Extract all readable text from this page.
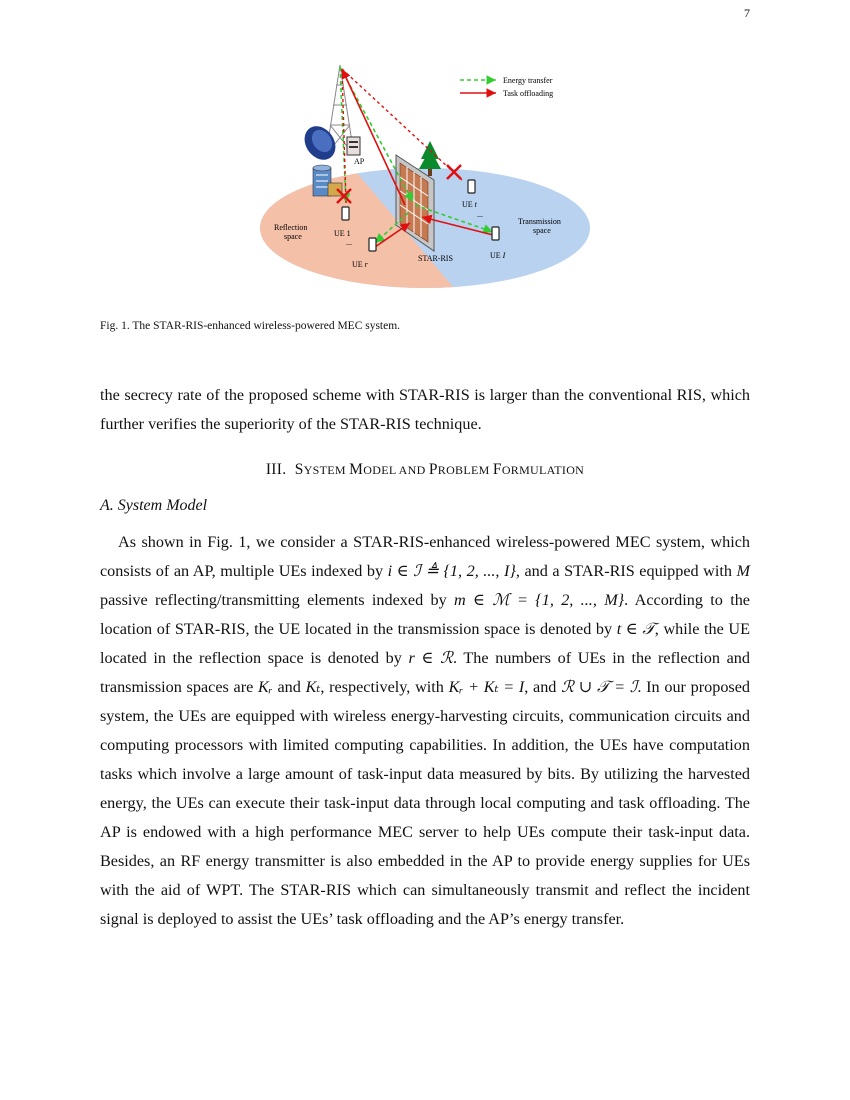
7
AP
Reflection
space
Transmission
space
UE 1
...
UE r
UE t
...
UE I
STAR-RIS
Energy transfer
Task offloading
Fig. 1. The STAR-RIS-enhanced wireless-powered MEC system.
the secrecy rate of the proposed scheme with STAR-RIS is larger than the conventional RIS, which further verifies the superiority of the STAR-RIS technique.
III. SYSTEM MODEL AND PROBLEM FORMULATION
A. System Model
As shown in Fig. 1, we consider a STAR-RIS-enhanced wireless-powered MEC system, which consists of an AP, multiple UEs indexed by i ∈ ℐ ≜ {1, 2, ..., I}, and a STAR-RIS equipped with M passive reflecting/transmitting elements indexed by m ∈ ℳ = {1, 2, ..., M}. According to the location of STAR-RIS, the UE located in the transmission space is denoted by t ∈ 𝒯, while the UE located in the reflection space is denoted by r ∈ ℛ. The numbers of UEs in the reflection and transmission spaces are Kᵣ and Kₜ, respectively, with Kᵣ + Kₜ = I, and ℛ ∪ 𝒯 = ℐ. In our proposed system, the UEs are equipped with wireless energy-harvesting circuits, communication circuits and computing processors with limited computing capabilities. In addition, the UEs have computation tasks which involve a large amount of task-input data measured by bits. By utilizing the harvested energy, the UEs can execute their task-input data through local computing and task offloading. The AP is endowed with a high performance MEC server to help UEs compute their task-input data. Besides, an RF energy transmitter is also embedded in the AP to provide energy supplies for UEs with the aid of WPT. The STAR-RIS which can simultaneously transmit and reflect the incident signal is deployed to assist the UEs’ task offloading and the AP’s energy transfer.
